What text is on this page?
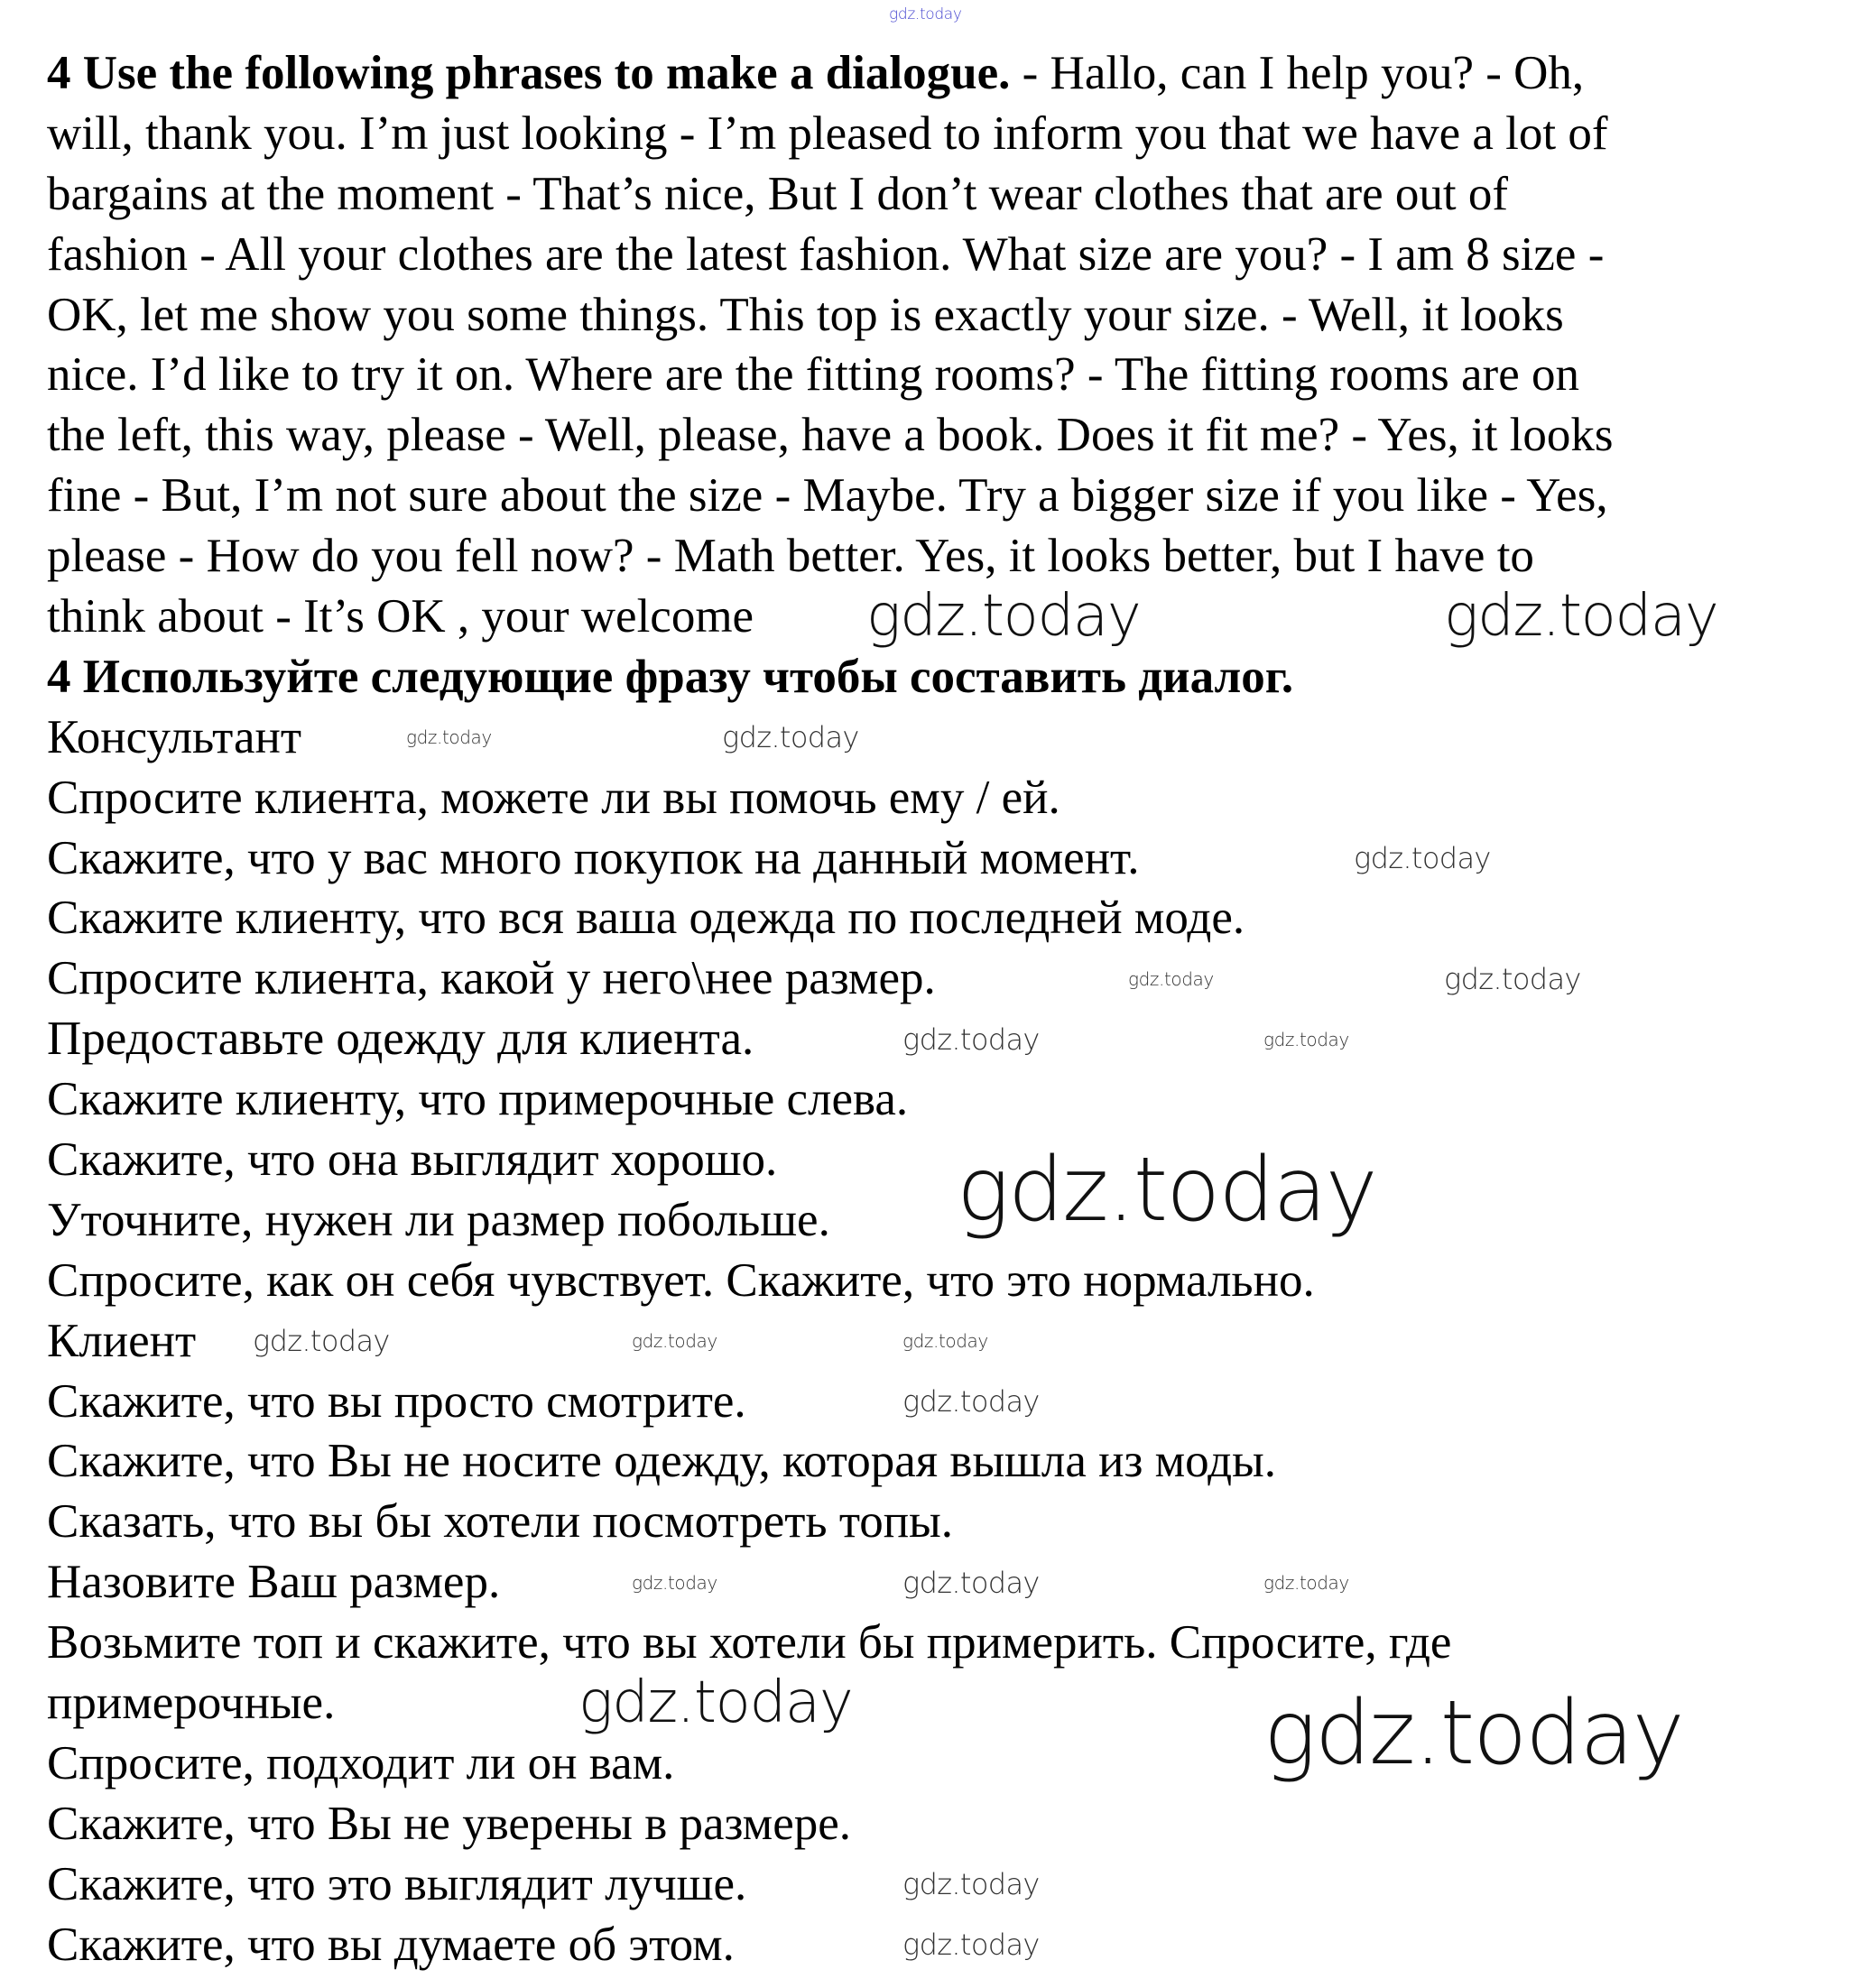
gdz.today
4 Use the following phrases to make a dialogue. - Hallo, can I help you? - Oh,
will, thank you. I’m just looking - I’m pleased to inform you that we have a lot of
bargains at the moment - That’s nice, But I don’t wear clothes that are out of
fashion - All your clothes are the latest fashion. What size are you? - I am 8 size -
OK, let me show you some things. This top is exactly your size. - Well, it looks
nice. I’d like to try it on. Where are the fitting rooms? - The fitting rooms are on
the left, this way, please - Well, please, have a book. Does it fit me? - Yes, it looks
fine - But, I’m not sure about the size - Maybe. Try a bigger size if you like - Yes,
please - How do you fell now? - Math better. Yes, it looks better, but I have to
think about - It’s OK , your welcome
4 Используйте следующие фразу чтобы составить диалог.
Консультант
Спросите клиента, можете ли вы помочь ему / ей.
Скажите, что у вас много покупок на данный момент.
Скажите клиенту, что вся ваша одежда по последней моде.
Спросите клиента, какой у него\нее размер.
Предоставьте одежду для клиента.
Скажите клиенту, что примерочные слева.
Скажите, что она выглядит хорошо.
Уточните, нужен ли размер побольше.
Спросите, как он себя чувствует. Скажите, что это нормально.
Клиент
Скажите, что вы просто смотрите.
Скажите, что Вы не носите одежду, которая вышла из моды.
Сказать, что вы бы хотели посмотреть топы.
Назовите Ваш размер.
Возьмите топ и скажите, что вы хотели бы примерить. Спросите, где
примерочные.
Спросите, подходит ли он вам.
Скажите, что Вы не уверены в размере.
Скажите, что это выглядит лучше.
Скажите, что вы думаете об этом.
gdz.today	gdz.today
gdz.today	gdz.today	gdz.today
gdz.today	gdz.today
gdz.today
gdz.today	gdz.today
gdz.today
gdz.today
gdz.today
gdz.today
gdz.today
gdz.today
gdz.today
gdz.today
gdz.today	gdz.today
gdz.today
